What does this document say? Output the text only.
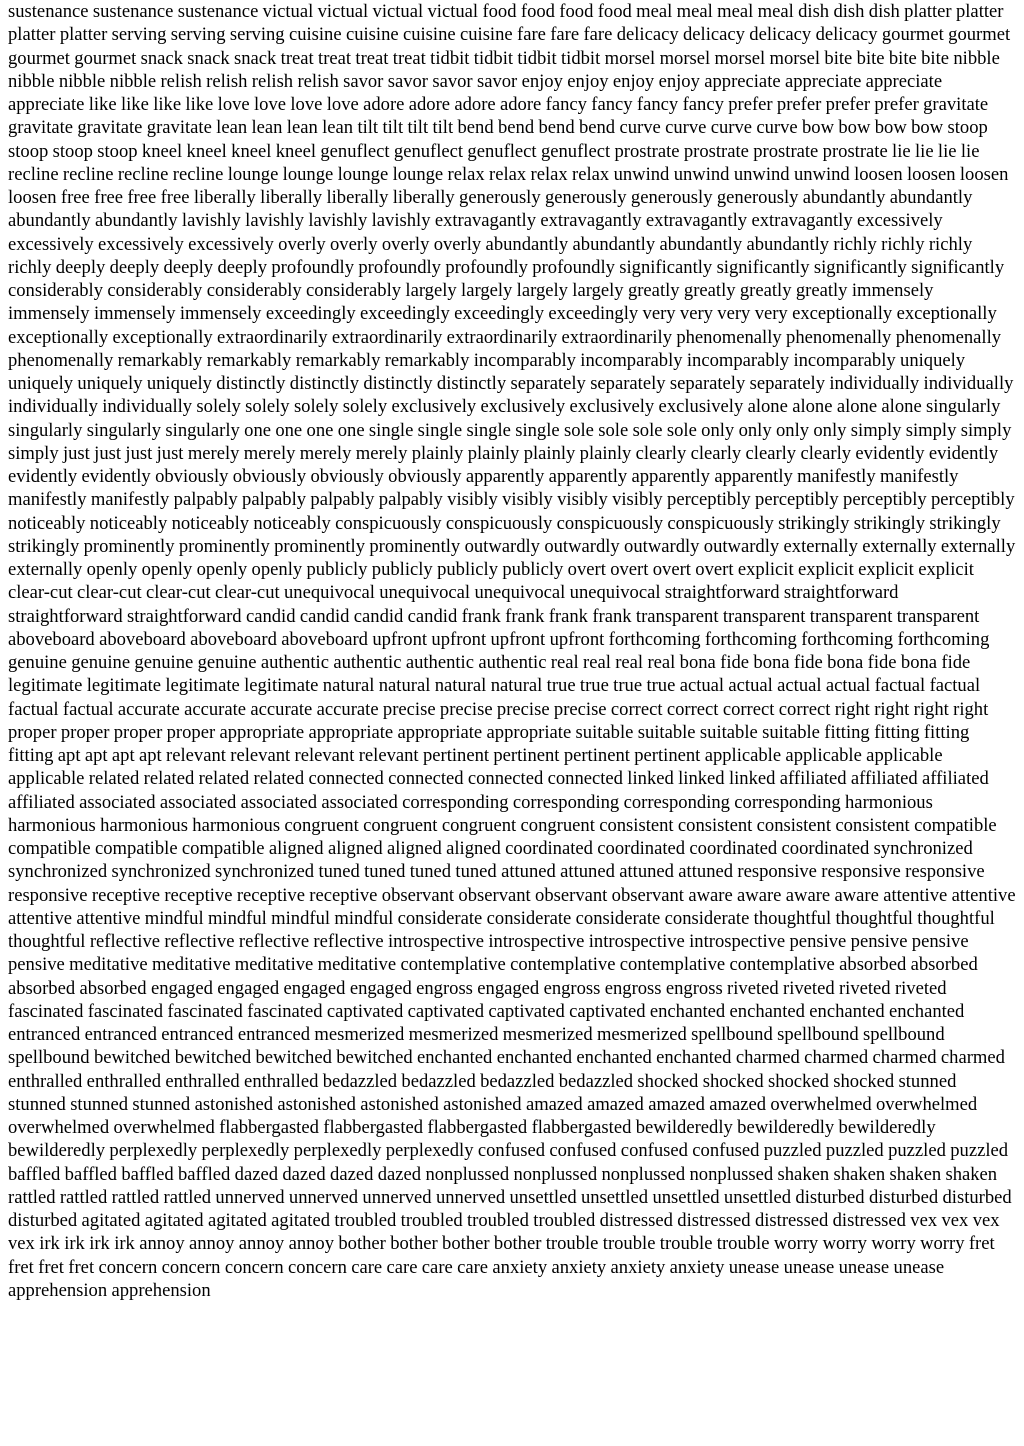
sustenance sustenance sustenance victual victual victual victual food food food food meal meal meal meal dish dish dish platter platter platter platter serving serving serving cuisine cuisine cuisine cuisine fare fare fare delicacy delicacy delicacy delicacy gourmet gourmet gourmet gourmet snack snack snack treat treat treat treat tidbit tidbit tidbit tidbit morsel morsel morsel morsel bite bite bite bite nibble nibble nibble nibble relish relish relish relish savor savor savor savor enjoy enjoy enjoy enjoy appreciate appreciate appreciate appreciate like like like like love love love love adore adore adore adore fancy fancy fancy fancy prefer prefer prefer prefer gravitate gravitate gravitate gravitate lean lean lean lean tilt tilt tilt tilt bend bend bend bend curve curve curve curve bow bow bow bow stoop stoop stoop stoop kneel kneel kneel kneel genuflect genuflect genuflect genuflect prostrate prostrate prostrate prostrate lie lie lie lie recline recline recline recline lounge lounge lounge lounge relax relax relax relax unwind unwind unwind unwind loosen loosen loosen loosen free free free free liberally liberally liberally liberally generously generously generously generously abundantly abundantly abundantly abundantly lavishly lavishly lavishly lavishly extravagantly extravagantly extravagantly extravagantly excessively excessively excessively excessively overly overly overly overly abundantly abundantly abundantly abundantly richly richly richly richly deeply deeply deeply deeply profoundly profoundly profoundly profoundly significantly significantly significantly significantly considerably considerably considerably considerably largely largely largely largely greatly greatly greatly greatly immensely immensely immensely immensely exceedingly exceedingly exceedingly exceedingly very very very very exceptionally exceptionally exceptionally exceptionally extraordinarily extraordinarily extraordinarily extraordinarily phenomenally phenomenally phenomenally phenomenally remarkably remarkably remarkably remarkably incomparably incomparably incomparably incomparably uniquely uniquely uniquely uniquely distinctly distinctly distinctly distinctly separately separately separately separately individually individually individually individually solely solely solely solely exclusively exclusively exclusively exclusively alone alone alone alone singularly singularly singularly singularly one one one one single single single single sole sole sole sole only only only only simply simply simply simply just just just just merely merely merely merely plainly plainly plainly plainly clearly clearly clearly clearly evidently evidently evidently evidently obviously obviously obviously obviously apparently apparently apparently apparently manifestly manifestly manifestly manifestly palpably palpably palpably palpably visibly visibly visibly visibly perceptibly perceptibly perceptibly perceptibly noticeably noticeably noticeably noticeably conspicuously conspicuously conspicuously conspicuously strikingly strikingly strikingly strikingly prominently prominently prominently prominently outwardly outwardly outwardly outwardly externally externally externally externally openly openly openly openly publicly publicly publicly publicly overt overt overt overt explicit explicit explicit explicit clear-cut clear-cut clear-cut clear-cut unequivocal unequivocal unequivocal unequivocal straightforward straightforward straightforward straightforward candid candid candid candid frank frank frank frank transparent transparent transparent transparent aboveboard aboveboard aboveboard aboveboard upfront upfront upfront upfront forthcoming forthcoming forthcoming forthcoming genuine genuine genuine genuine authentic authentic authentic authentic real real real real bona fide bona fide bona fide bona fide legitimate legitimate legitimate legitimate natural natural natural natural true true true true actual actual actual actual factual factual factual factual accurate accurate accurate accurate precise precise precise precise correct correct correct correct right right right right proper proper proper proper appropriate appropriate appropriate appropriate suitable suitable suitable suitable fitting fitting fitting fitting apt apt apt apt relevant relevant relevant relevant pertinent pertinent pertinent pertinent applicable applicable applicable applicable related related related related connected connected connected connected linked linked linked affiliated affiliated affiliated affiliated associated associated associated associated corresponding corresponding corresponding corresponding harmonious harmonious harmonious harmonious congruent congruent congruent congruent consistent consistent consistent consistent compatible compatible compatible compatible aligned aligned aligned aligned coordinated coordinated coordinated coordinated synchronized synchronized synchronized synchronized tuned tuned tuned tuned attuned attuned attuned attuned responsive responsive responsive responsive receptive receptive receptive receptive observant observant observant observant aware aware aware aware attentive attentive attentive attentive mindful mindful mindful mindful considerate considerate considerate considerate thoughtful thoughtful thoughtful thoughtful reflective reflective reflective reflective introspective introspective introspective introspective pensive pensive pensive pensive meditative meditative meditative meditative contemplative contemplative contemplative contemplative absorbed absorbed absorbed absorbed engaged engaged engaged engaged engross engaged engross engross engross riveted riveted riveted riveted fascinated fascinated fascinated fascinated captivated captivated captivated captivated enchanted enchanted enchanted enchanted entranced entranced entranced entranced mesmerized mesmerized mesmerized mesmerized spellbound spellbound spellbound spellbound bewitched bewitched bewitched bewitched enchanted enchanted enchanted enchanted charmed charmed charmed charmed enthralled enthralled enthralled enthralled bedazzled bedazzled bedazzled bedazzled shocked shocked shocked shocked stunned stunned stunned stunned astonished astonished astonished astonished amazed amazed amazed amazed overwhelmed overwhelmed overwhelmed overwhelmed flabbergasted flabbergasted flabbergasted flabbergasted bewilderedly bewilderedly bewilderedly bewilderedly perplexedly perplexedly perplexedly perplexedly confused confused confused confused puzzled puzzled puzzled puzzled baffled baffled baffled baffled dazed dazed dazed dazed nonplussed nonplussed nonplussed nonplussed shaken shaken shaken shaken rattled rattled rattled rattled unnerved unnerved unnerved unnerved unsettled unsettled unsettled unsettled disturbed disturbed disturbed disturbed agitated agitated agitated agitated troubled troubled troubled troubled distressed distressed distressed distressed vex vex vex vex irk irk irk irk annoy annoy annoy annoy bother bother bother bother trouble trouble trouble trouble worry worry worry worry fret fret fret fret concern concern concern concern care care care care anxiety anxiety anxiety anxiety unease unease unease unease apprehension apprehension
